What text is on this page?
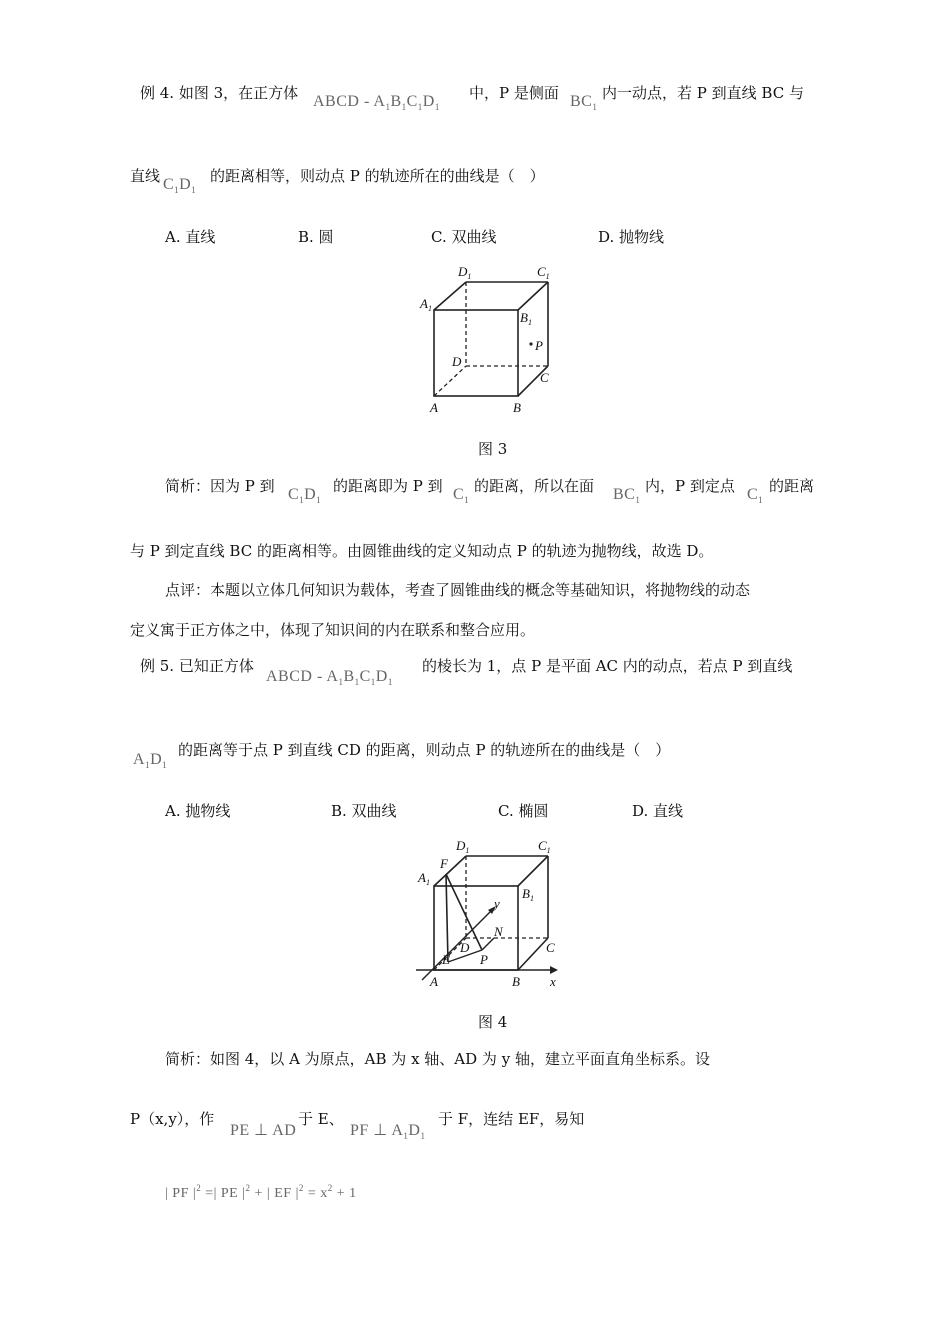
例 4. 如图 3，在正方体 ABCD - $A_1B_1C_1D_1$
中，P 是侧面 $BC_1$
内一动点，若 P 到直线 BC 与
直线 $C_1D_1$
的距离相等，则动点 P 的轨迹所在的曲线是（　）
A. 直线	B. 圆	C. 双曲线	D. 抛物线
$D_1$	$C_1$
$A_1$
$B_1$
P
D
C
A	B
图 3
简析：因为 P 到 $C_1D_1$
的距离即为 P 到 $C_1$
的距离，所以在面 $BC_1$
内，P 到定点 $C_1$
的距离
与 P 到定直线 BC 的距离相等。由圆锥曲线的定义知动点 P 的轨迹为抛物线，故选 D。
点评：本题以立体几何知识为载体，考查了圆锥曲线的概念等基础知识，将抛物线的动态
定义寓于正方体之中，体现了知识间的内在联系和整合应用。
例 5. 已知正方体
ABCD - $A_1B_1C_1D_1$
的棱长为 1，点 P 是平面 AC 内的动点，若点 P 到直线
$A_1D_1$
的距离等于点 P 到直线 CD 的距离，则动点 P 的轨迹所在的曲线是（　）
A. 抛物线	B. 双曲线	C. 椭圆	D. 直线
$D_1$	$C_1$
F
$A_1$
$B_1$
y
N
D	C
E P
A	B x
图 4
简析：如图 4，以 A 为原点，AB 为 x 轴、AD 为 y 轴，建立平面直角坐标系。设
P（x,y），作
PE ⊥ AD
于 E、
PF ⊥ $A_1D_1$
于 F，连结 EF，易知
| PF $|^2$ =| PE $|^2$ + | EF $|^2 = x^2 + 1$
